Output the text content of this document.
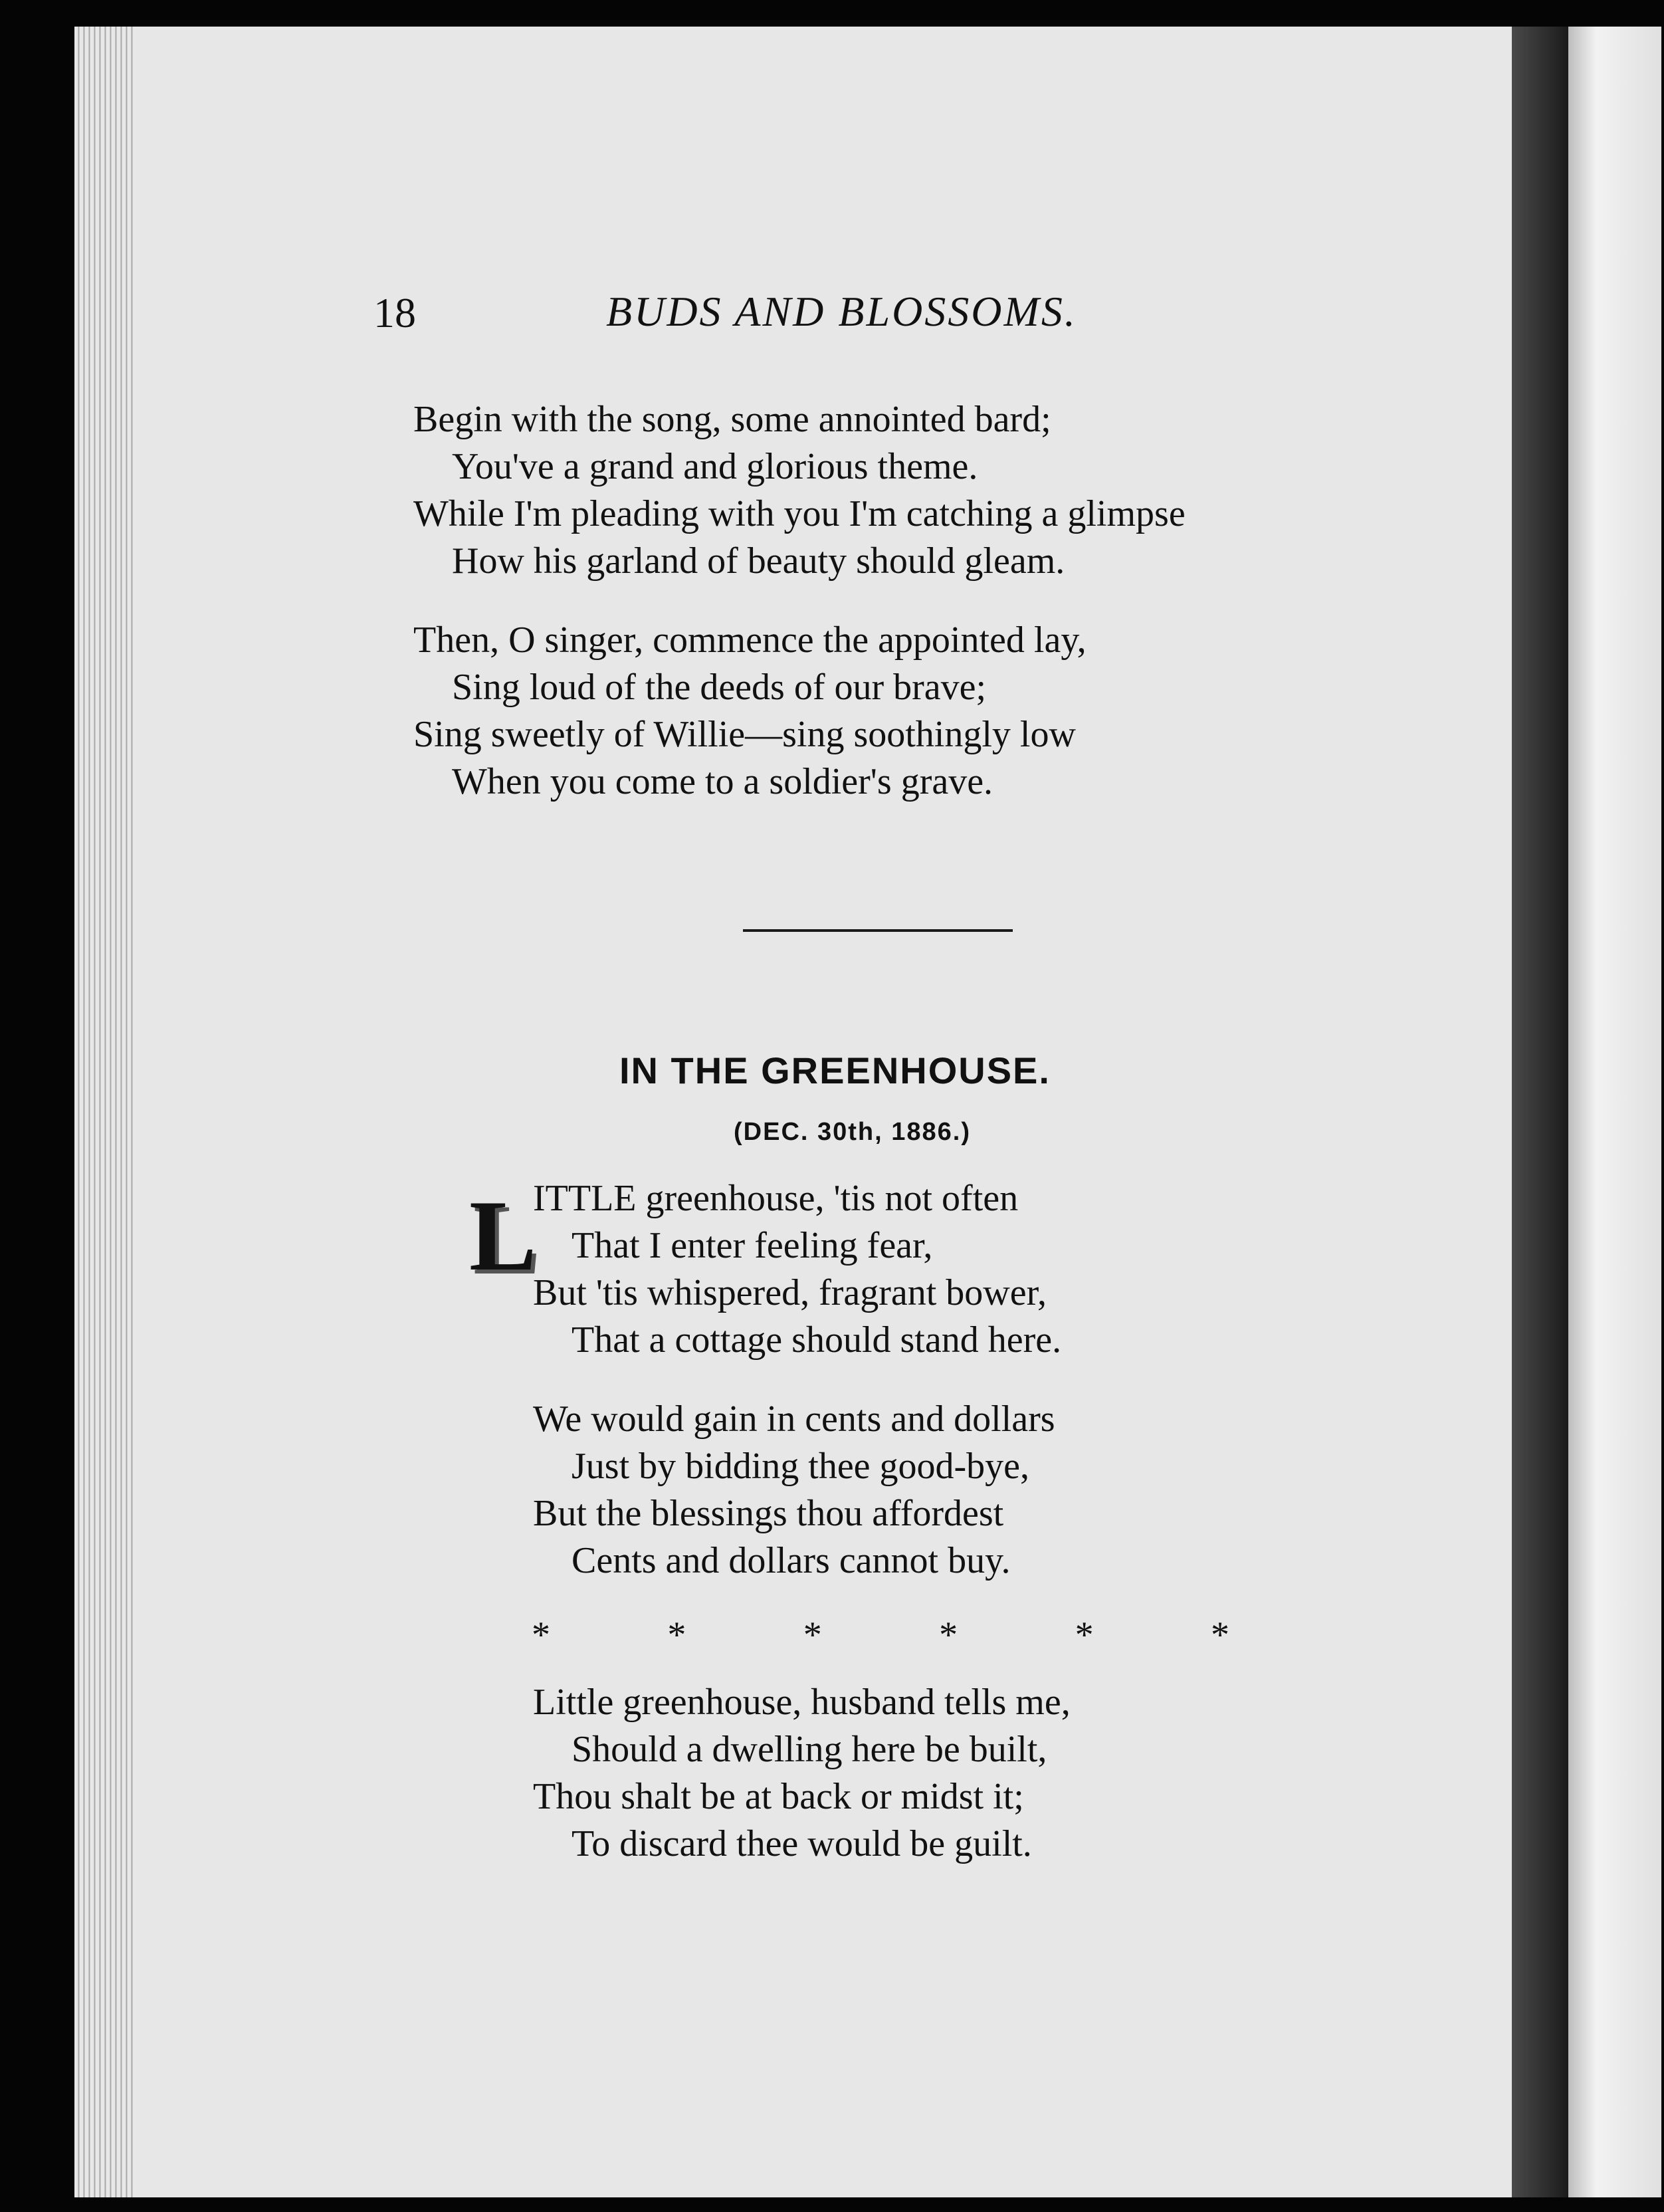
18	BUDS AND BLOSSOMS.
Begin with the song, some annointed bard;
You've a grand and glorious theme.
While I'm pleading with you I'm catching a glimpse
How his garland of beauty should gleam.
Then, O singer, commence the appointed lay,
Sing loud of the deeds of our brave;
Sing sweetly of Willie—sing soothingly low
When you come to a soldier's grave.
IN THE GREENHOUSE.
(DEC. 30th, 1886.)
L
ITTLE greenhouse, 'tis not often
That I enter feeling fear,
But 'tis whispered, fragrant bower,
That a cottage should stand here.
We would gain in cents and dollars
Just by bidding thee good-bye,
But the blessings thou affordest
Cents and dollars cannot buy.
*	*	*	*	*	*
Little greenhouse, husband tells me,
Should a dwelling here be built,
Thou shalt be at back or midst it;
To discard thee would be guilt.
